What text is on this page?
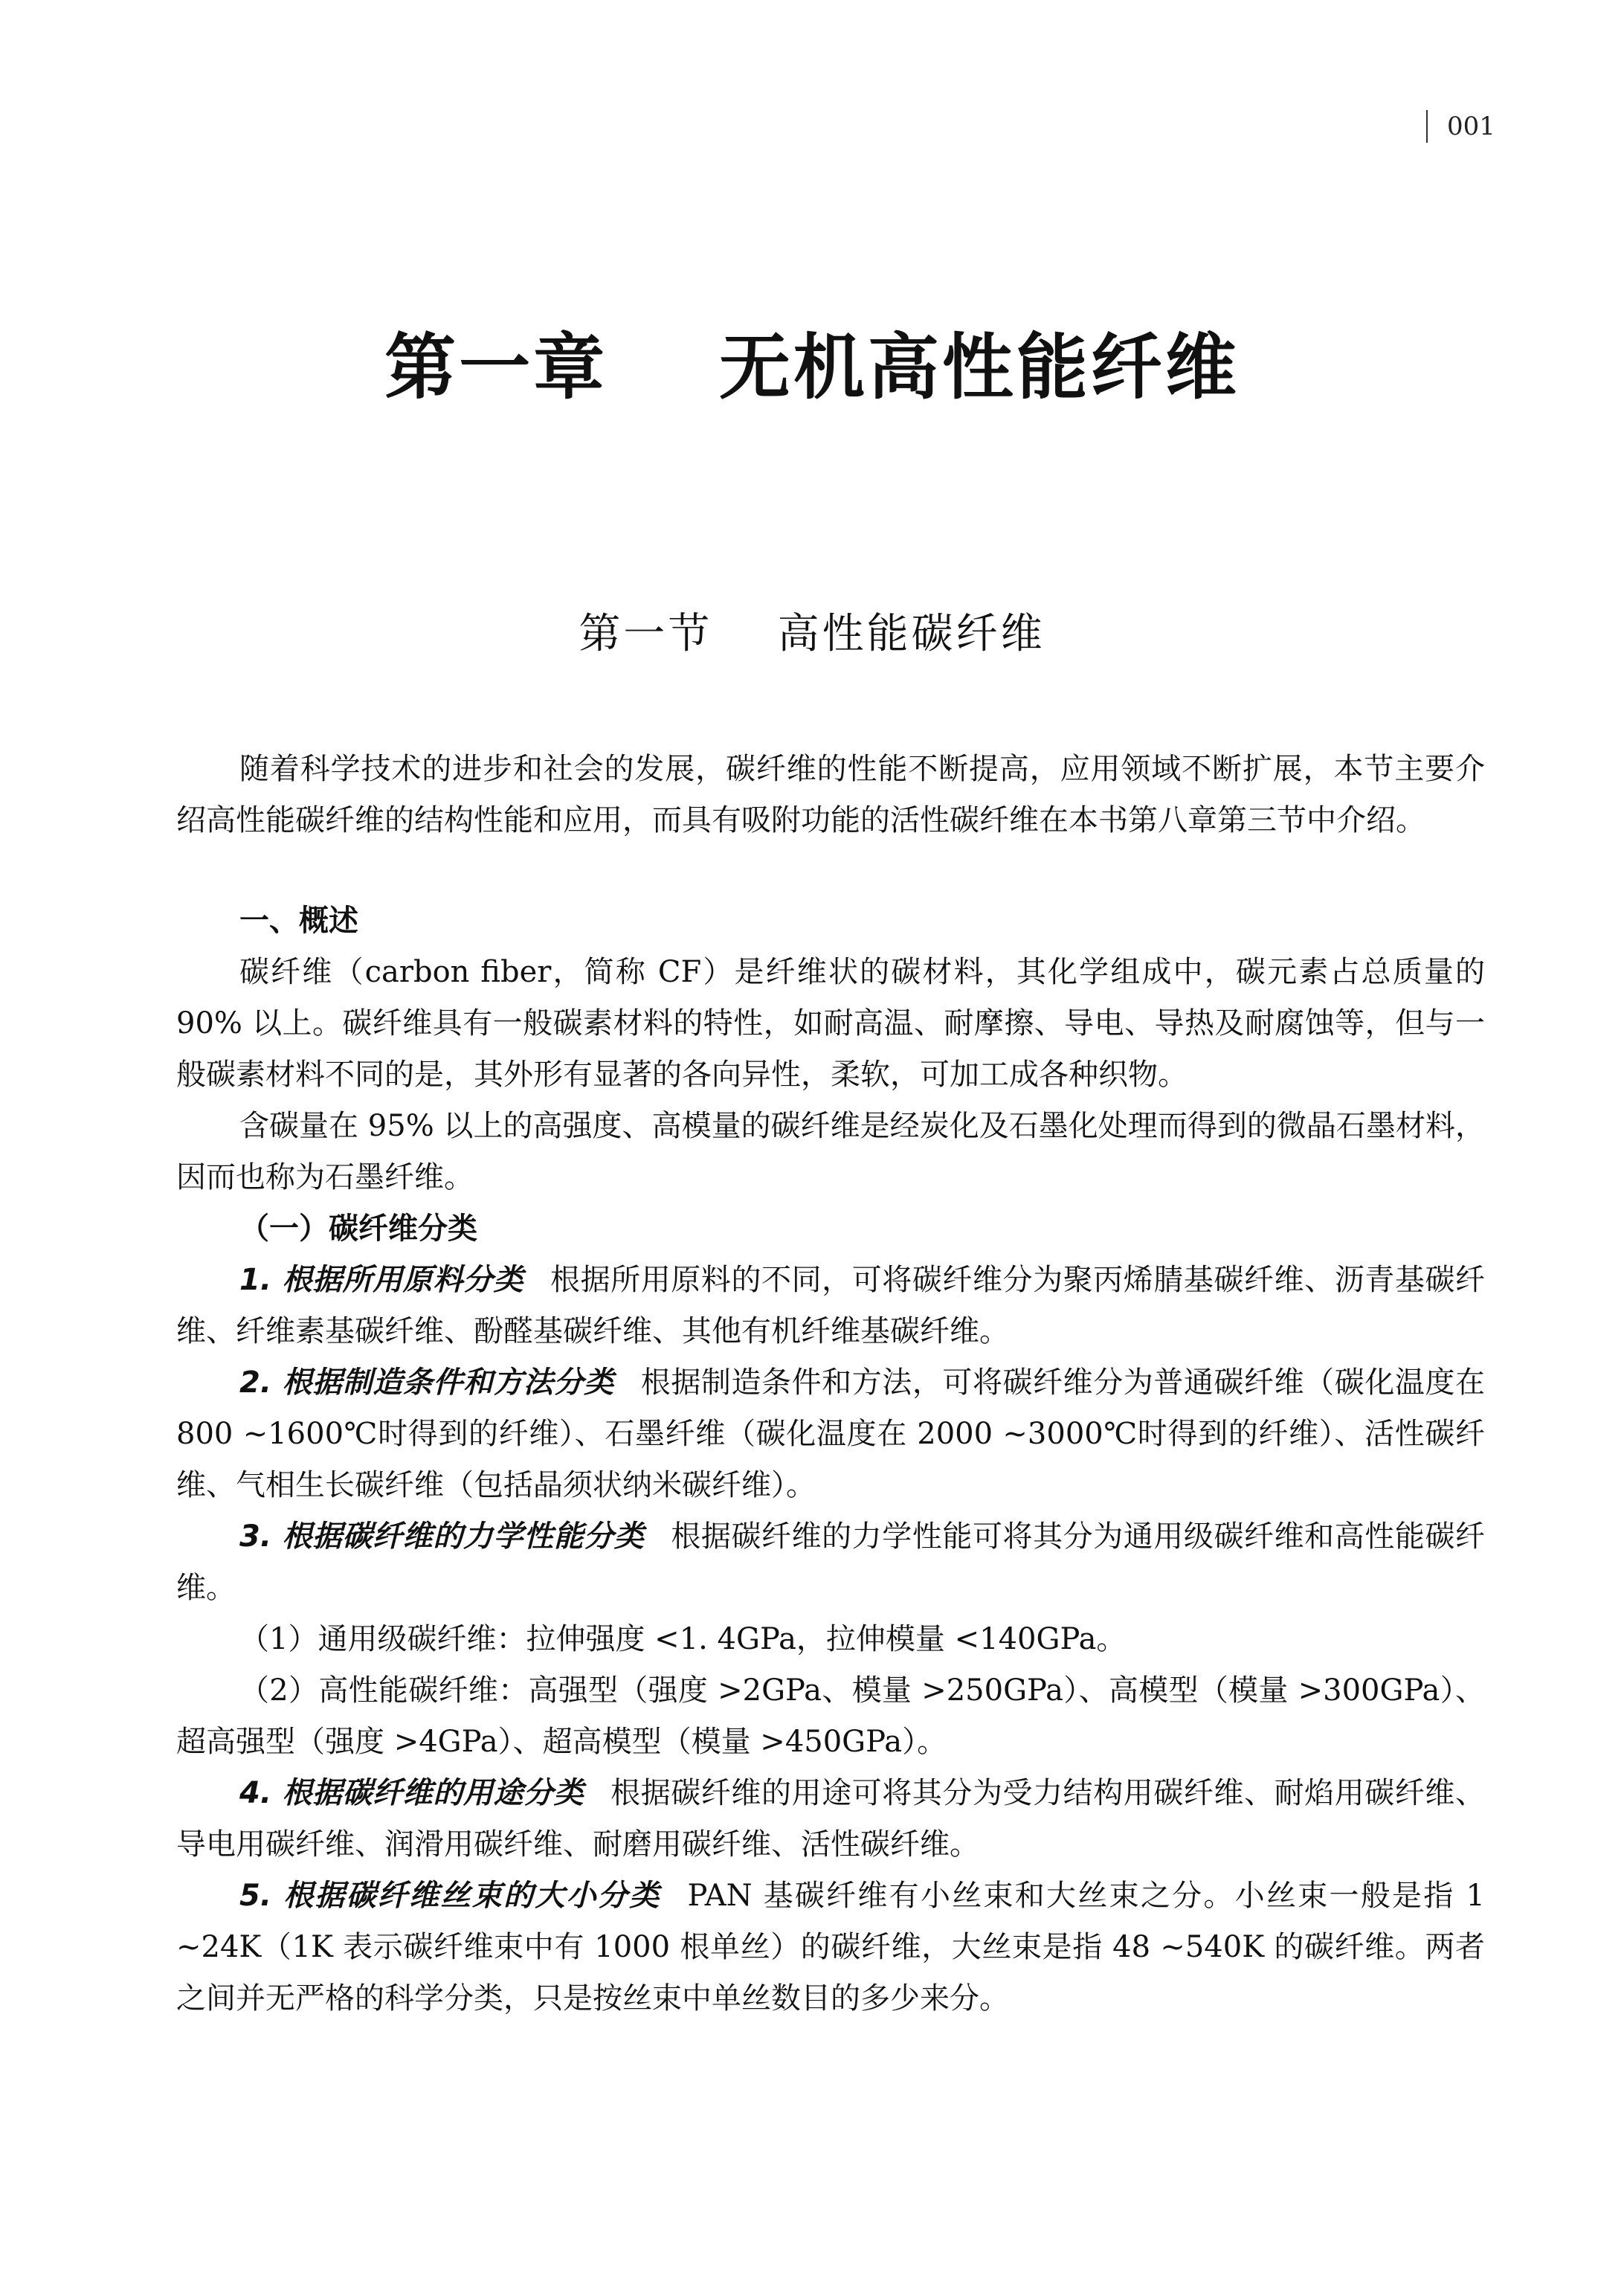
001
第一章    无机高性能纤维
第一节    高性能碳纤维

随着科学技术的进步和社会的发展，碳纤维的性能不断提高，应用领域不断扩展，本节主要介绍高性能碳纤维的结构性能和应用，而具有吸附功能的活性碳纤维在本书第八章第三节中介绍。

一、概述

碳纤维（carbon fiber，简称 CF）是纤维状的碳材料，其化学组成中，碳元素占总质量的 90% 以上。碳纤维具有一般碳素材料的特性，如耐高温、耐摩擦、导电、导热及耐腐蚀等，但与一般碳素材料不同的是，其外形有显著的各向异性，柔软，可加工成各种织物。

含碳量在 95% 以上的高强度、高模量的碳纤维是经炭化及石墨化处理而得到的微晶石墨材料，因而也称为石墨纤维。

（一）碳纤维分类

1. 根据所用原料分类 根据所用原料的不同，可将碳纤维分为聚丙烯腈基碳纤维、沥青基碳纤维、纤维素基碳纤维、酚醛基碳纤维、其他有机纤维基碳纤维。

2. 根据制造条件和方法分类 根据制造条件和方法，可将碳纤维分为普通碳纤维（碳化温度在 800 ~1600℃时得到的纤维）、石墨纤维（碳化温度在 2000 ~3000℃时得到的纤维）、活性碳纤维、气相生长碳纤维（包括晶须状纳米碳纤维）。

3. 根据碳纤维的力学性能分类 根据碳纤维的力学性能可将其分为通用级碳纤维和高性能碳纤维。

（1）通用级碳纤维：拉伸强度 <1. 4GPa，拉伸模量 <140GPa。

（2）高性能碳纤维：高强型（强度 >2GPa、模量 >250GPa）、高模型（模量 >300GPa）、超高强型（强度 >4GPa）、超高模型（模量 >450GPa）。

4. 根据碳纤维的用途分类 根据碳纤维的用途可将其分为受力结构用碳纤维、耐焰用碳纤维、导电用碳纤维、润滑用碳纤维、耐磨用碳纤维、活性碳纤维。

5. 根据碳纤维丝束的大小分类 PAN 基碳纤维有小丝束和大丝束之分。小丝束一般是指 1 ~24K（1K 表示碳纤维束中有 1000 根单丝）的碳纤维，大丝束是指 48 ~540K 的碳纤维。两者之间并无严格的科学分类，只是按丝束中单丝数目的多少来分。
